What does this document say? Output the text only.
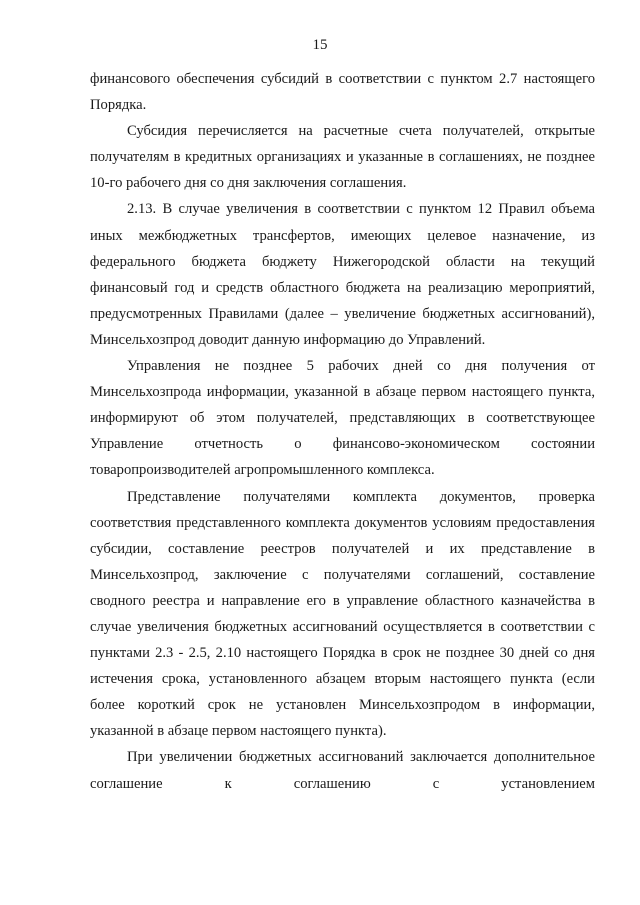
15

финансового обеспечения субсидий в соответствии с пунктом 2.7 настоящего Порядка.

Субсидия перечисляется на расчетные счета получателей, открытые получателям в кредитных организациях и указанные в соглашениях, не позднее 10-го рабочего дня со дня заключения соглашения.

2.13. В случае увеличения в соответствии с пунктом 12 Правил объема иных межбюджетных трансфертов, имеющих целевое назначение, из федерального бюджета бюджету Нижегородской области на текущий финансовый год и средств областного бюджета на реализацию мероприятий, предусмотренных Правилами (далее – увеличение бюджетных ассигнований), Минсельхозпрод доводит данную информацию до Управлений.

Управления не позднее 5 рабочих дней со дня получения от Минсельхозпрода информации, указанной в абзаце первом настоящего пункта, информируют об этом получателей, представляющих в соответствующее Управление отчетность о финансово-экономическом состоянии товаропроизводителей агропромышленного комплекса.

Представление получателями комплекта документов, проверка соответствия представленного комплекта документов условиям предоставления субсидии, составление реестров получателей и их представление в Минсельхозпрод, заключение с получателями соглашений, составление сводного реестра и направление его в управление областного казначейства в случае увеличения бюджетных ассигнований осуществляется в соответствии с пунктами 2.3 - 2.5, 2.10 настоящего Порядка в срок не позднее 30 дней со дня истечения срока, установленного абзацем вторым настоящего пункта (если более короткий срок не установлен Минсельхозпродом в информации, указанной в абзаце первом настоящего пункта).

При увеличении бюджетных ассигнований заключается дополнительное соглашение к соглашению с установлением
